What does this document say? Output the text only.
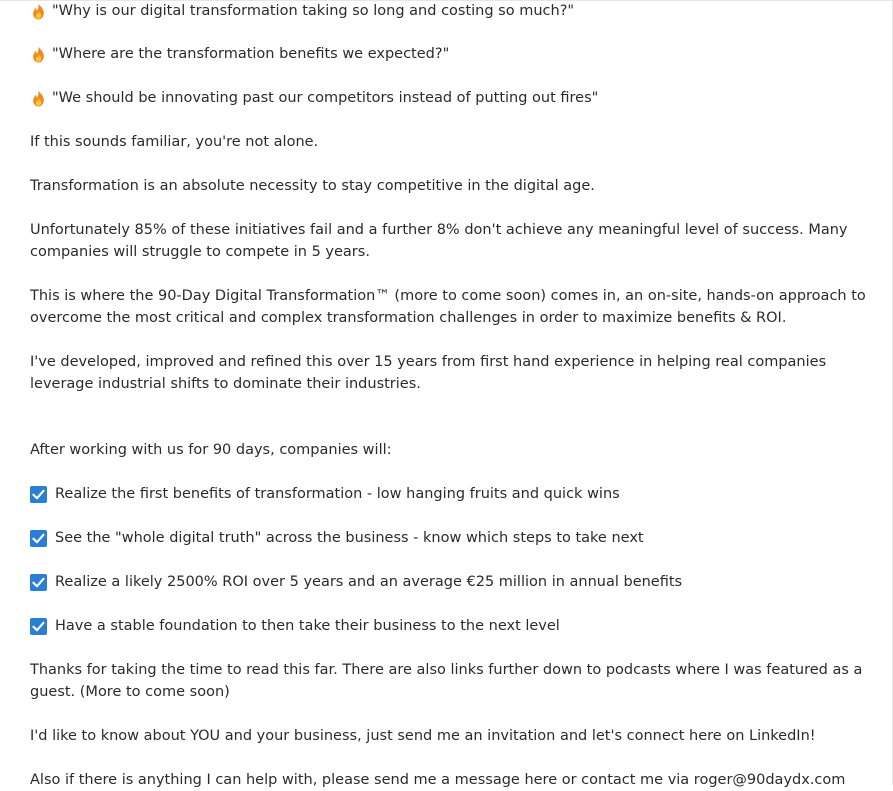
"Why is our digital transformation taking so long and costing so much?"
"Where are the transformation benefits we expected?"
"We should be innovating past our competitors instead of putting out fires"
If this sounds familiar, you're not alone.
Transformation is an absolute necessity to stay competitive in the digital age.
Unfortunately 85% of these initiatives fail and a further 8% don't achieve any meaningful level of success. Many companies will struggle to compete in 5 years.
This is where the 90-Day Digital Transformation™ (more to come soon) comes in, an on-site, hands-on approach to overcome the most critical and complex transformation challenges in order to maximize benefits & ROI.
I've developed, improved and refined this over 15 years from first hand experience in helping real companies leverage industrial shifts to dominate their industries.
After working with us for 90 days, companies will:
Realize the first benefits of transformation - low hanging fruits and quick wins
See the "whole digital truth" across the business - know which steps to take next
Realize a likely 2500% ROI over 5 years and an average €25 million in annual benefits
Have a stable foundation to then take their business to the next level
Thanks for taking the time to read this far. There are also links further down to podcasts where I was featured as a guest. (More to come soon)
I'd like to know about YOU and your business, just send me an invitation and let's connect here on LinkedIn!
Also if there is anything I can help with, please send me a message here or contact me via roger@90daydx.com
